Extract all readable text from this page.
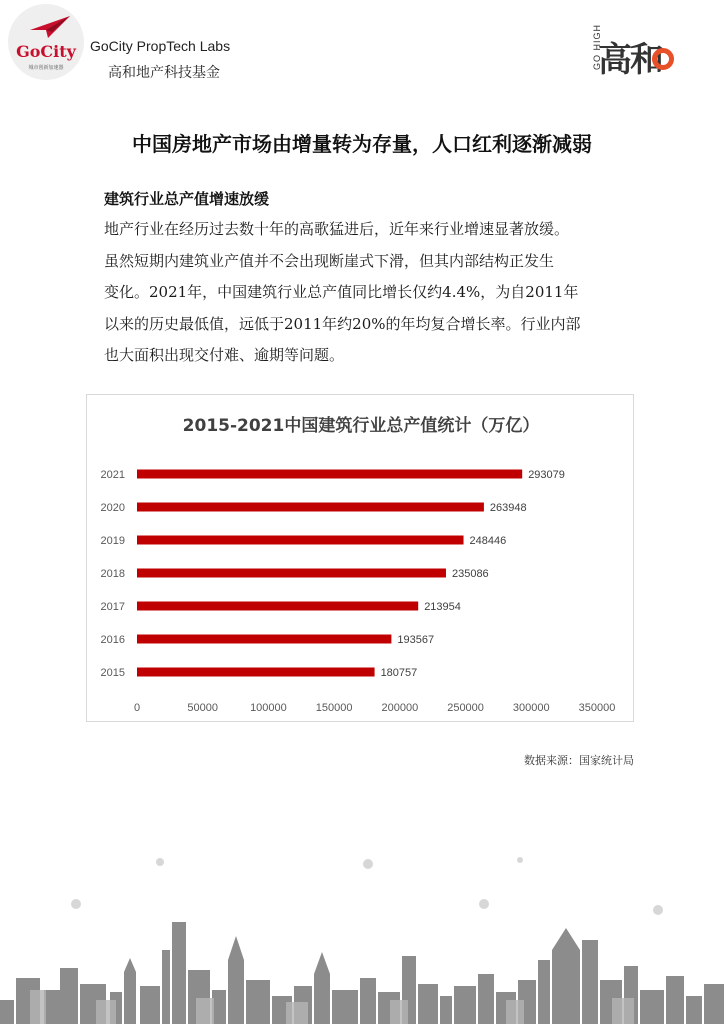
GoCity
城市创新加速器
GoCity PropTech Labs
高和地产科技基金
GO HIGH
高和
中国房地产市场由增量转为存量，人口红利逐渐减弱
建筑行业总产值增速放缓
地产行业在经历过去数十年的高歌猛进后，近年来行业增速显著放缓。
虽然短期内建筑业产值并不会出现断崖式下滑，但其内部结构正发生
变化。2021年，中国建筑行业总产值同比增长仅约4.4%，为自2011年
以来的历史最低值，远低于2011年约20%的年均复合增长率。行业内部
也大面积出现交付难、逾期等问题。
2015-2021中国建筑行业总产值统计（万亿）
2021	293079
2020	263948
2019	248446
2018	235086
2017	213954
2016	193567
2015	180757
0	50000	100000	150000	200000	250000	300000	350000
数据来源：国家统计局
